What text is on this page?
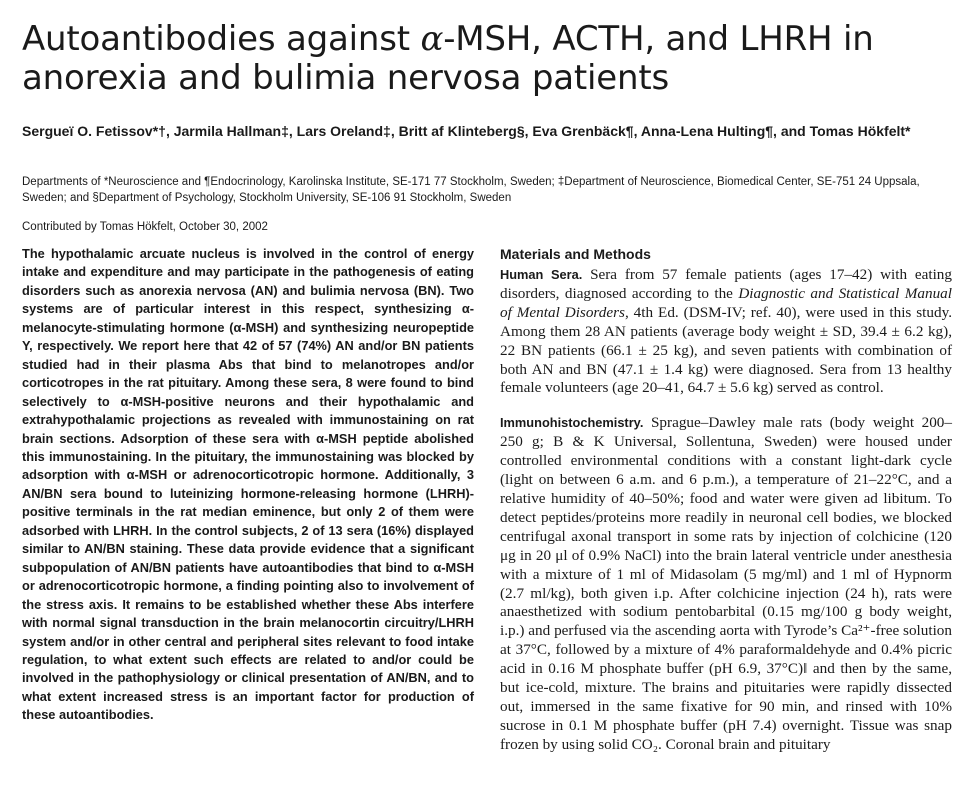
Autoantibodies against α-MSH, ACTH, and LHRH in anorexia and bulimia nervosa patients
Sergueï O. Fetissov*†, Jarmila Hallman‡, Lars Oreland‡, Britt af Klinteberg§, Eva Grenbäck¶, Anna-Lena Hulting¶, and Tomas Hökfelt*
Departments of *Neuroscience and ¶Endocrinology, Karolinska Institute, SE-171 77 Stockholm, Sweden; ‡Department of Neuroscience, Biomedical Center, SE-751 24 Uppsala, Sweden; and §Department of Psychology, Stockholm University, SE-106 91 Stockholm, Sweden
Contributed by Tomas Hökfelt, October 30, 2002
The hypothalamic arcuate nucleus is involved in the control of energy intake and expenditure and may participate in the pathogenesis of eating disorders such as anorexia nervosa (AN) and bulimia nervosa (BN). Two systems are of particular interest in this respect, synthesizing α-melanocyte-stimulating hormone (α-MSH) and synthesizing neuropeptide Y, respectively. We report here that 42 of 57 (74%) AN and/or BN patients studied had in their plasma Abs that bind to melanotropes and/or corticotropes in the rat pituitary. Among these sera, 8 were found to bind selectively to α-MSH-positive neurons and their hypothalamic and extrahypothalamic projections as revealed with immunostaining on rat brain sections. Adsorption of these sera with α-MSH peptide abolished this immunostaining. In the pituitary, the immunostaining was blocked by adsorption with α-MSH or adrenocorticotropic hormone. Additionally, 3 AN/BN sera bound to luteinizing hormone-releasing hormone (LHRH)-positive terminals in the rat median eminence, but only 2 of them were adsorbed with LHRH. In the control subjects, 2 of 13 sera (16%) displayed similar to AN/BN staining. These data provide evidence that a significant subpopulation of AN/BN patients have autoantibodies that bind to α-MSH or adrenocorticotropic hormone, a finding pointing also to involvement of the stress axis. It remains to be established whether these Abs interfere with normal signal transduction in the brain melanocortin circuitry/LHRH system and/or in other central and peripheral sites relevant to food intake regulation, to what extent such effects are related to and/or could be involved in the pathophysiology or clinical presentation of AN/BN, and to what extent increased stress is an important factor for production of these autoantibodies.
Materials and Methods

Human Sera. Sera from 57 female patients (ages 17–42) with eating disorders, diagnosed according to the Diagnostic and Statistical Manual of Mental Disorders, 4th Ed. (DSM-IV; ref. 40), were used in this study. Among them 28 AN patients (average body weight ± SD, 39.4 ± 6.2 kg), 22 BN patients (66.1 ± 25 kg), and seven patients with combination of both AN and BN (47.1 ± 1.4 kg) were diagnosed. Sera from 13 healthy female volunteers (age 20–41, 64.7 ± 5.6 kg) served as control.

Immunohistochemistry. Sprague–Dawley male rats (body weight 200–250 g; B & K Universal, Sollentuna, Sweden) were housed under controlled environmental conditions with a constant light-dark cycle (light on between 6 a.m. and 6 p.m.), a temperature of 21–22°C, and a relative humidity of 40–50%; food and water were given ad libitum. To detect peptides/proteins more readily in neuronal cell bodies, we blocked centrifugal axonal transport in some rats by injection of colchicine (120 μg in 20 μl of 0.9% NaCl) into the brain lateral ventricle under anesthesia with a mixture of 1 ml of Midasolam (5 mg/ml) and 1 ml of Hypnorm (2.7 ml/kg), both given i.p. After colchicine injection (24 h), rats were anaesthetized with sodium pentobarbital (0.15 mg/100 g body weight, i.p.) and perfused via the ascending aorta with Tyrode’s Ca²⁺-free solution at 37°C, followed by a mixture of 4% paraformaldehyde and 0.4% picric acid in 0.16 M phosphate buffer (pH 6.9, 37°C)‖ and then by the same, but ice-cold, mixture. The brains and pituitaries were rapidly dissected out, immersed in the same fixative for 90 min, and rinsed with 10% sucrose in 0.1 M phosphate buffer (pH 7.4) overnight. Tissue was snap frozen by using solid CO₂. Coronal brain and pituitary
